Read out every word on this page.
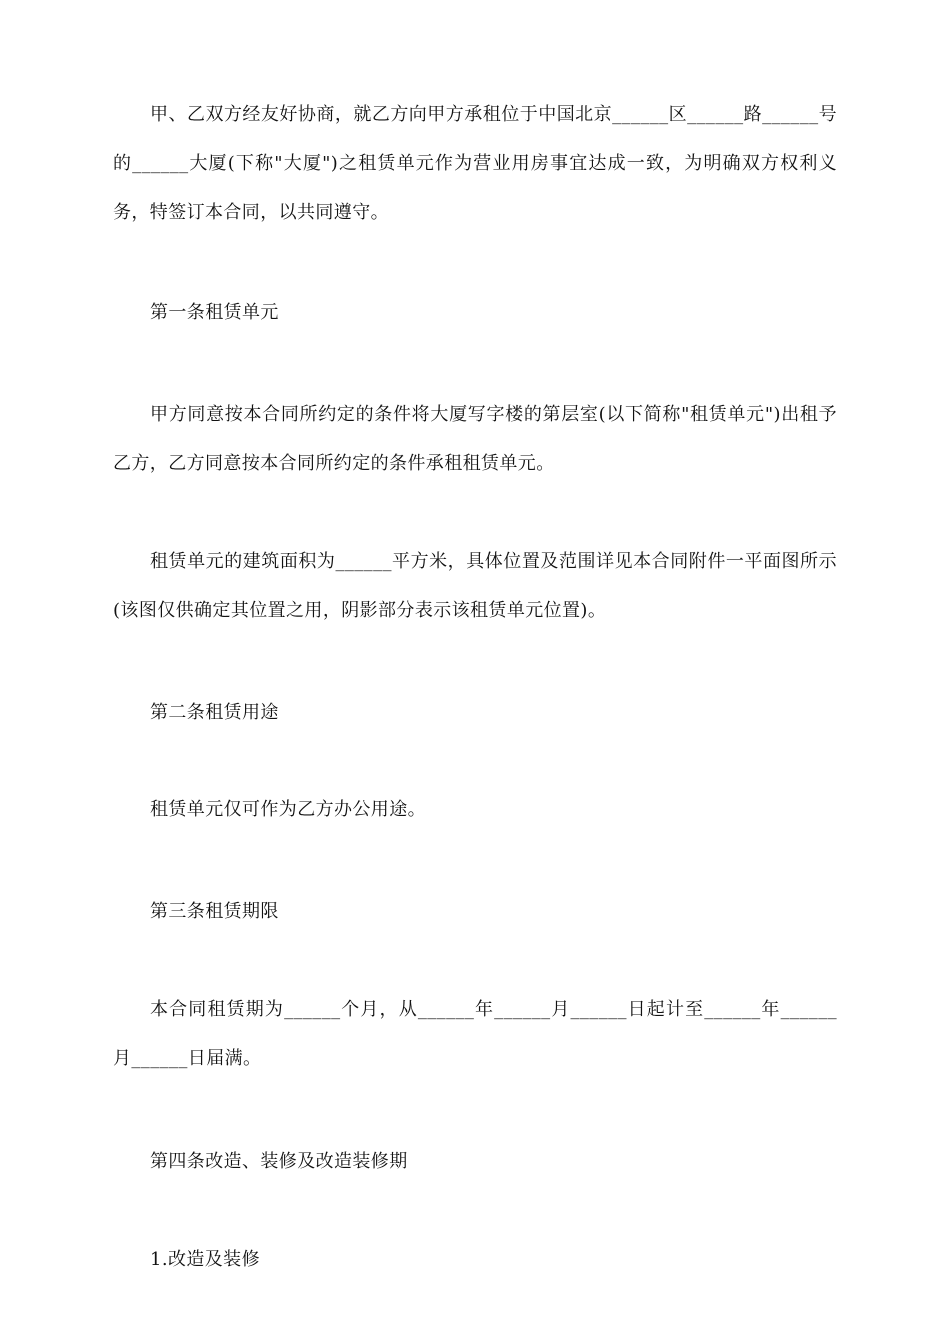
甲、乙双方经友好协商，就乙方向甲方承租位于中国北京______区______路______号的______大厦(下称"大厦")之租赁单元作为营业用房事宜达成一致，为明确双方权利义务，特签订本合同，以共同遵守。

第一条租赁单元

甲方同意按本合同所约定的条件将大厦写字楼的第层室(以下简称"租赁单元")出租予乙方，乙方同意按本合同所约定的条件承租租赁单元。

租赁单元的建筑面积为______平方米，具体位置及范围详见本合同附件一平面图所示(该图仅供确定其位置之用，阴影部分表示该租赁单元位置)。

第二条租赁用途

租赁单元仅可作为乙方办公用途。

第三条租赁期限

本合同租赁期为______个月，从______年______月______日起计至______年______月______日届满。

第四条改造、装修及改造装修期

1.改造及装修
